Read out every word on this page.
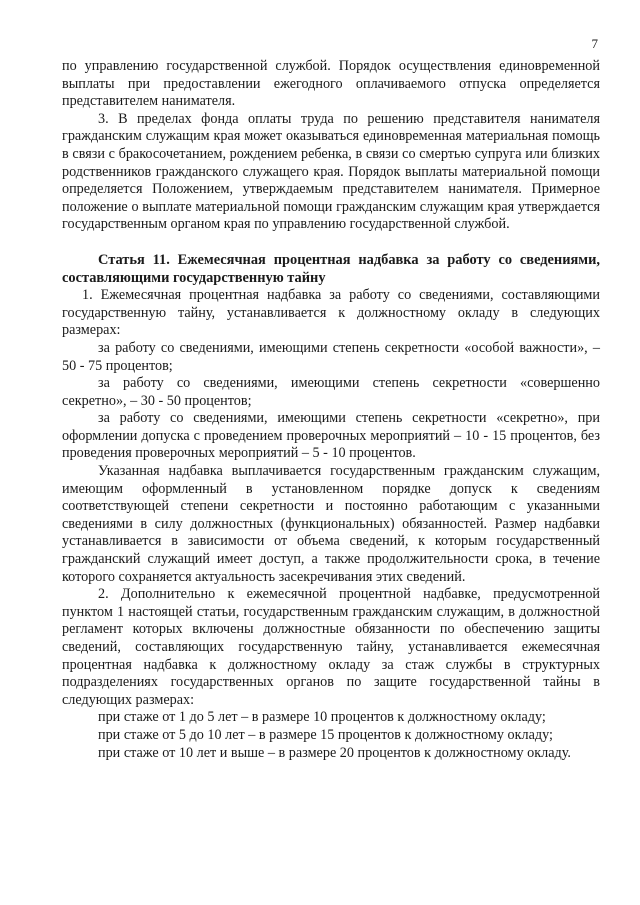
7

по управлению государственной службой. Порядок осуществления единовременной выплаты при предоставлении ежегодного оплачиваемого отпуска определяется представителем нанимателя.

3. В пределах фонда оплаты труда по решению представителя нанимателя гражданским служащим края может оказываться единовременная материальная помощь в связи с бракосочетанием, рождением ребенка, в связи со смертью супруга или близких родственников гражданского служащего края. Порядок выплаты материальной помощи определяется Положением, утверждаемым представителем нанимателя. Примерное положение о выплате материальной помощи гражданским служащим края утверждается государственным органом края по управлению государственной службой.

Статья 11. Ежемесячная процентная надбавка за работу со сведениями, составляющими государственную тайну

1. Ежемесячная процентная надбавка за работу со сведениями, составляющими государственную тайну, устанавливается к должностному окладу в следующих размерах:

за работу со сведениями, имеющими степень секретности «особой важности», – 50 - 75 процентов;

за работу со сведениями, имеющими степень секретности «совершенно секретно», – 30 - 50 процентов;

за работу со сведениями, имеющими степень секретности «секретно», при оформлении допуска с проведением проверочных мероприятий – 10 - 15 процентов, без проведения проверочных мероприятий – 5 - 10 процентов.

Указанная надбавка выплачивается государственным гражданским служащим, имеющим оформленный в установленном порядке допуск к сведениям соответствующей степени секретности и постоянно работающим с указанными сведениями в силу должностных (функциональных) обязанностей. Размер надбавки устанавливается в зависимости от объема сведений, к которым государственный гражданский служащий имеет доступ, а также продолжительности срока, в течение которого сохраняется актуальность засекречивания этих сведений.

2. Дополнительно к ежемесячной процентной надбавке, предусмотренной пунктом 1 настоящей статьи, государственным гражданским служащим, в должностной регламент которых включены должностные обязанности по обеспечению защиты сведений, составляющих государственную тайну, устанавливается ежемесячная процентная надбавка к должностному окладу за стаж службы в структурных подразделениях государственных органов по защите государственной тайны в следующих размерах:

при стаже от 1 до 5 лет – в размере 10 процентов к должностному окладу;

при стаже от 5 до 10 лет – в размере 15 процентов к должностному окладу;

при стаже от 10 лет и выше – в размере 20 процентов к должностному окладу.
